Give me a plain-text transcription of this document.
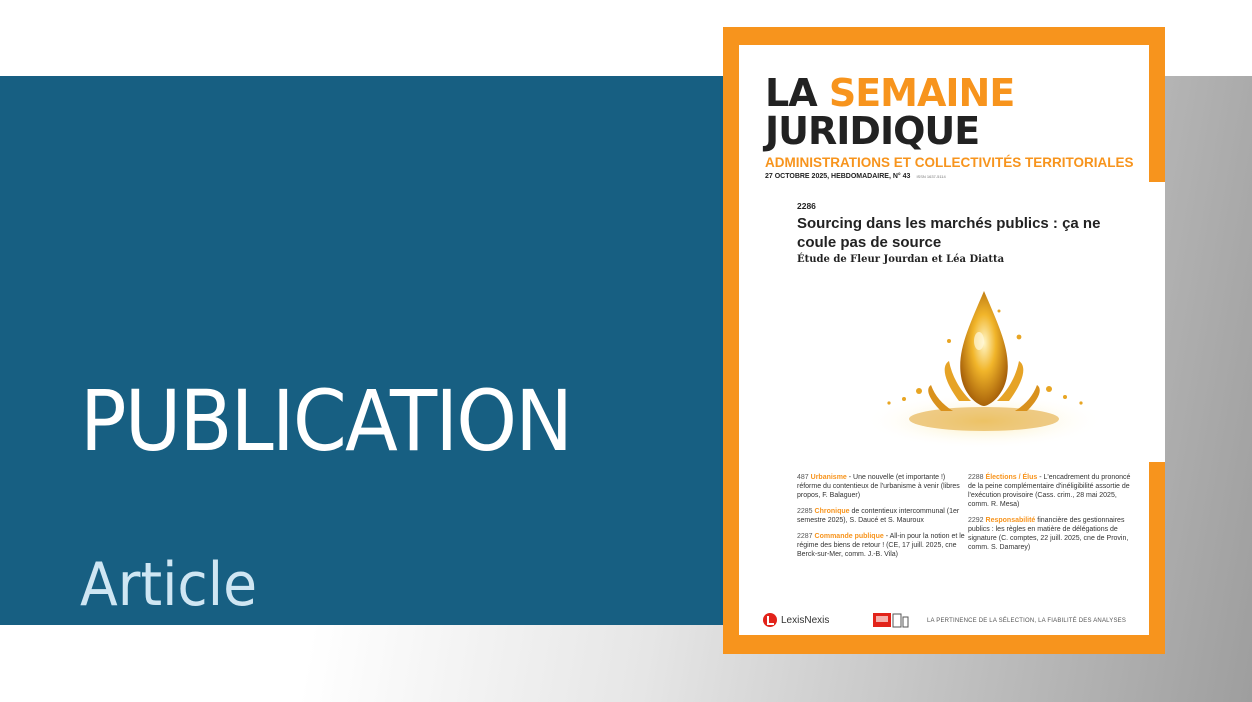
PUBLICATION
Article
LA SEMAINE
JURIDIQUE
ADMINISTRATIONS ET COLLECTIVITÉS TERRITORIALES
27 OCTOBRE 2025, HEBDOMADAIRE, N° 43 ISSN 1637-5114
2286
Sourcing dans les marchés publics : ça ne coule pas de source
Étude de Fleur Jourdan et Léa Diatta

487 Urbanisme - Une nouvelle (et importante !) réforme du contentieux de l'urbanisme à venir (libres propos, F. Balaguer)

2285 Chronique de contentieux intercommunal (1er semestre 2025), S. Daucé et S. Mauroux

2287 Commande publique - All-in pour la notion et le régime des biens de retour ! (CE, 17 juill. 2025, cne Berck-sur-Mer, comm. J.-B. Vila)

2288 Élections / Élus - L'encadrement du prononcé de la peine complémentaire d'inéligibilité assortie de l'exécution provisoire (Cass. crim., 28 mai 2025, comm. R. Mesa)

2292 Responsabilité financière des gestionnaires publics : les règles en matière de délégations de signature (C. comptes, 22 juill. 2025, cne de Provin, comm. S. Damarey)

LexisNexis	LA PERTINENCE DE LA SÉLECTION, LA FIABILITÉ DES ANALYSES
